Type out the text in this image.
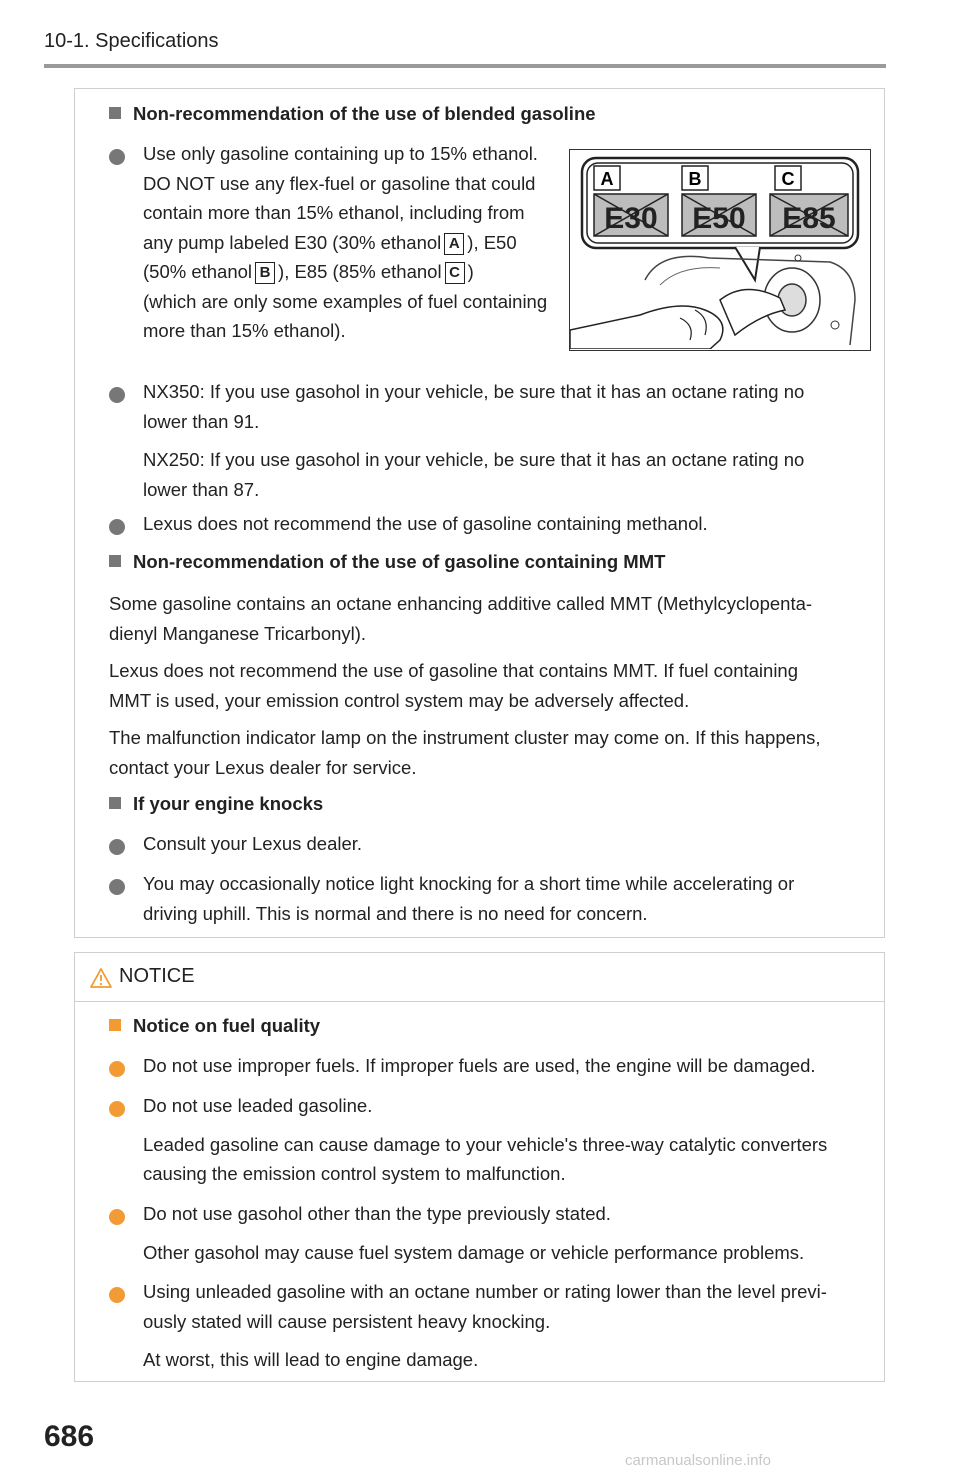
10-1. Specifications
Non-recommendation of the use of blended gasoline
Use only gasoline containing up to 15% ethanol.
DO NOT use any flex-fuel or gasoline that could
contain more than 15% ethanol, including from
any pump labeled E30 (30% ethanol A ), E50
(50% ethanol B ), E85 (85% ethanol C )
(which are only some examples of fuel containing
more than 15% ethanol).
A	B	C
E30 E50 E85
NX350: If you use gasohol in your vehicle, be sure that it has an octane rating no
lower than 91.
NX250: If you use gasohol in your vehicle, be sure that it has an octane rating no
lower than 87.
Lexus does not recommend the use of gasoline containing methanol.
Non-recommendation of the use of gasoline containing MMT
Some gasoline contains an octane enhancing additive called MMT (Methylcyclopenta-
dienyl Manganese Tricarbonyl).
Lexus does not recommend the use of gasoline that contains MMT. If fuel containing
MMT is used, your emission control system may be adversely affected.
The malfunction indicator lamp on the instrument cluster may come on. If this happens,
contact your Lexus dealer for service.
If your engine knocks
Consult your Lexus dealer.
You may occasionally notice light knocking for a short time while accelerating or
driving uphill. This is normal and there is no need for concern.
NOTICE
Notice on fuel quality
Do not use improper fuels. If improper fuels are used, the engine will be damaged.
Do not use leaded gasoline.
Leaded gasoline can cause damage to your vehicle's three-way catalytic converters
causing the emission control system to malfunction.
Do not use gasohol other than the type previously stated.
Other gasohol may cause fuel system damage or vehicle performance problems.
Using unleaded gasoline with an octane number or rating lower than the level previ-
ously stated will cause persistent heavy knocking.
At worst, this will lead to engine damage.
686
carmanualsonline.info
